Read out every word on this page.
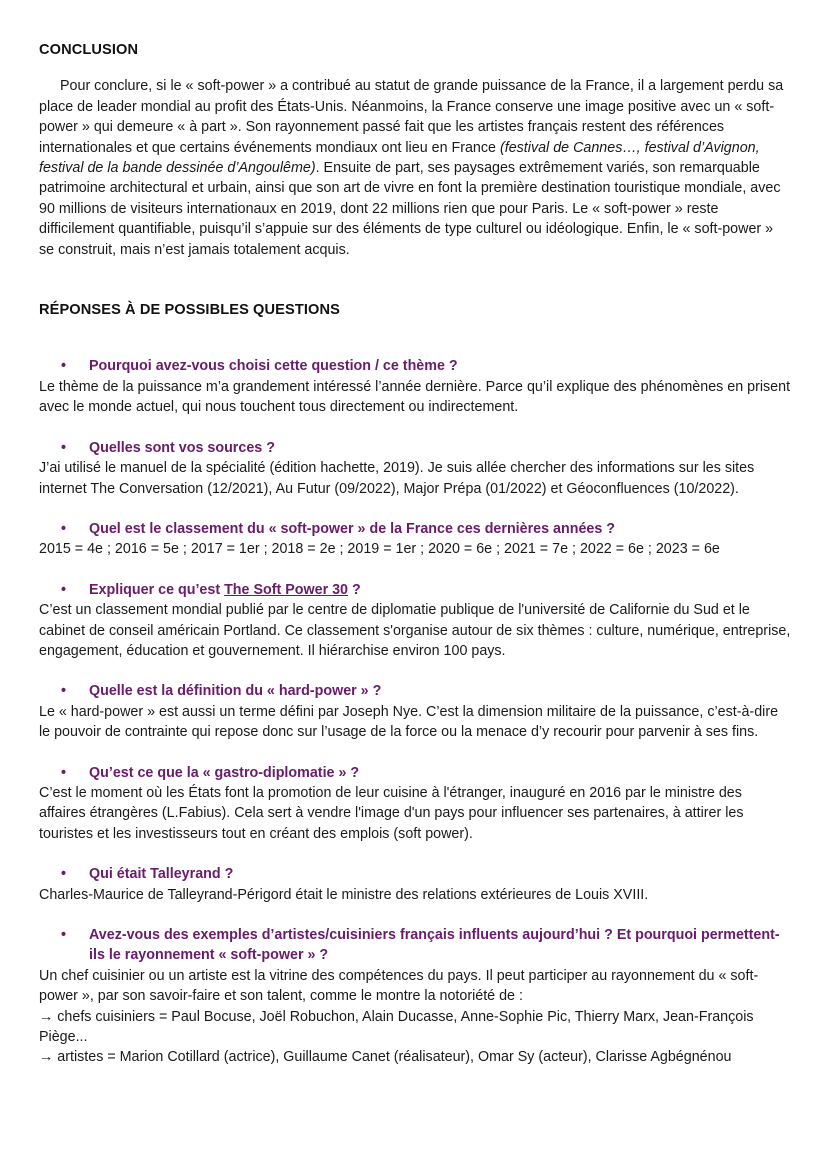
CONCLUSION

Pour conclure, si le « soft-power » a contribué au statut de grande puissance de la France, il a largement perdu sa place de leader mondial au profit des États-Unis. Néanmoins, la France conserve une image positive avec un « soft-power » qui demeure « à part ». Son rayonnement passé fait que les artistes français restent des références internationales et que certains événements mondiaux ont lieu en France (festival de Cannes…, festival d’Avignon, festival de la bande dessinée d’Angoulême). Ensuite de part, ses paysages extrêmement variés, son remarquable patrimoine architectural et urbain, ainsi que son art de vivre en font la première destination touristique mondiale, avec 90 millions de visiteurs internationaux en 2019, dont 22 millions rien que pour Paris. Le « soft-power » reste difficilement quantifiable, puisqu’il s’appuie sur des éléments de type culturel ou idéologique. Enfin, le « soft-power » se construit, mais n’est jamais totalement acquis.

RÉPONSES À DE POSSIBLES QUESTIONS

• Pourquoi avez-vous choisi cette question / ce thème ?

Le thème de la puissance m’a grandement intéressé l’année dernière. Parce qu’il explique des phénomènes en prisent avec le monde actuel, qui nous touchent tous directement ou indirectement.

• Quelles sont vos sources ?

J’ai utilisé le manuel de la spécialité (édition hachette, 2019). Je suis allée chercher des informations sur les sites internet The Conversation (12/2021), Au Futur (09/2022), Major Prépa (01/2022) et Géoconfluences (10/2022).

• Quel est le classement du « soft-power » de la France ces dernières années ?

2015 = 4e ; 2016 = 5e ; 2017 = 1er ; 2018 = 2e ; 2019 = 1er ; 2020 = 6e ; 2021 = 7e ; 2022 = 6e ; 2023 = 6e

• Expliquer ce qu’est The Soft Power 30 ?

C’est un classement mondial publié par le centre de diplomatie publique de l'université de Californie du Sud et le cabinet de conseil américain Portland. Ce classement s'organise autour de six thèmes : culture, numérique, entreprise, engagement, éducation et gouvernement. Il hiérarchise environ 100 pays.

• Quelle est la définition du « hard-power » ?

Le « hard-power » est aussi un terme défini par Joseph Nye. C’est la dimension militaire de la puissance, c’est-à-dire le pouvoir de contrainte qui repose donc sur l’usage de la force ou la menace d’y recourir pour parvenir à ses fins.

• Qu’est ce que la « gastro-diplomatie » ?

C’est le moment où les États font la promotion de leur cuisine à l'étranger, inauguré en 2016 par le ministre des affaires étrangères (L.Fabius). Cela sert à vendre l'image d'un pays pour influencer ses partenaires, à attirer les touristes et les investisseurs tout en créant des emplois (soft power).

• Qui était Talleyrand ?

Charles-Maurice de Talleyrand-Périgord était le ministre des relations extérieures de Louis XVIII.

• Avez-vous des exemples d’artistes/cuisiniers français influents aujourd’hui ? Et pourquoi permettent-ils le rayonnement « soft-power » ?

Un chef cuisinier ou un artiste est la vitrine des compétences du pays. Il peut participer au rayonnement du « soft-power », par son savoir-faire et son talent, comme le montre la notoriété de :

→ chefs cuisiniers = Paul Bocuse, Joël Robuchon, Alain Ducasse, Anne-Sophie Pic, Thierry Marx, Jean-François Piège...

→ artistes = Marion Cotillard (actrice), Guillaume Canet (réalisateur), Omar Sy (acteur), Clarisse Agbégnénou
